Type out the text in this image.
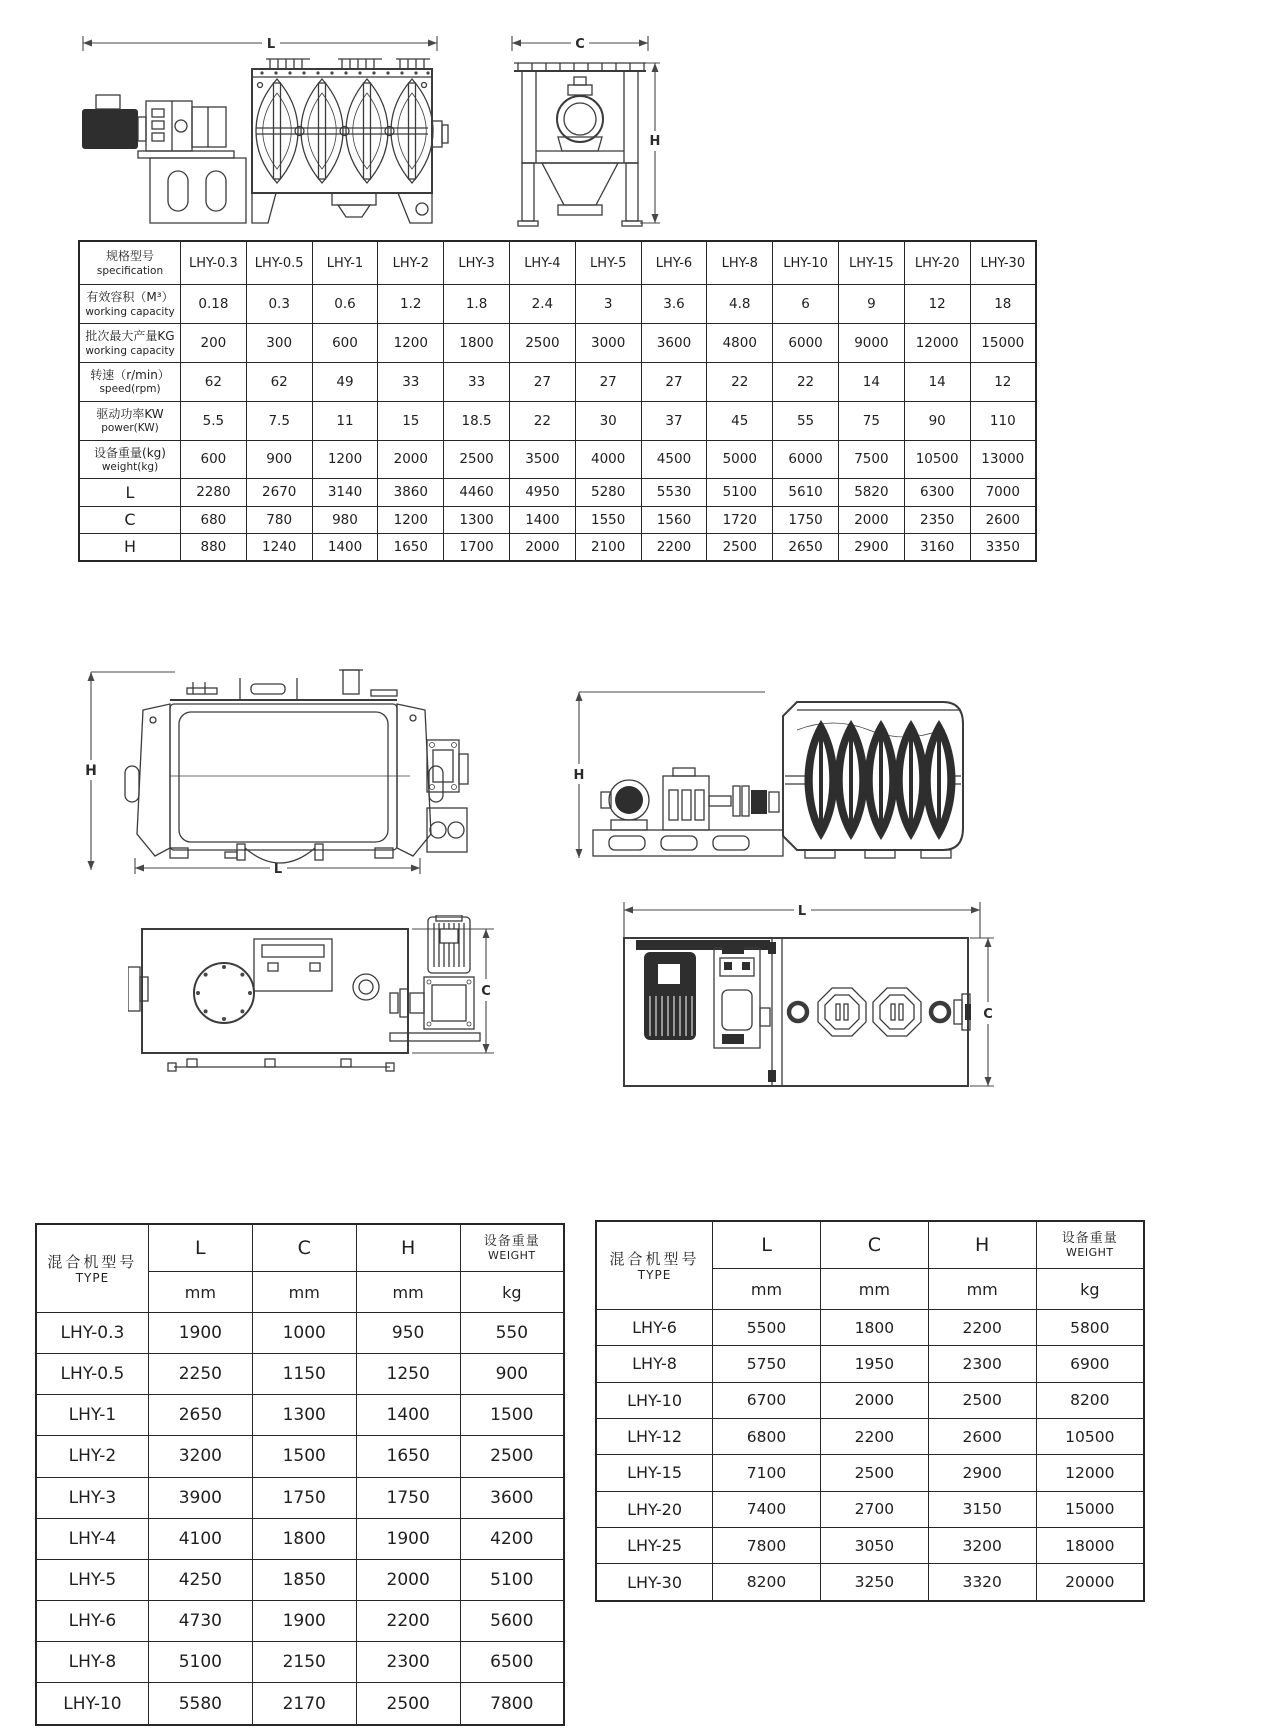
L	C
H
规格型号
specification	LHY-0.3	LHY-0.5	LHY-1	LHY-2	LHY-3	LHY-4	LHY-5	LHY-6	LHY-8	LHY-10	LHY-15	LHY-20	LHY-30

有效容积（M³）
working capacity	0.18	0.3	0.6	1.2	1.8	2.4	3	3.6	4.8	6	9	12	18

批次最大产量KG
working capacity	200	300	600	1200	1800	2500	3000	3600	4800	6000	9000	12000	15000

转速（r/min）
speed(rpm)	62	62	49	33	33	27	27	27	22	22	14	14	12

驱动功率KW
power(KW)	5.5	7.5	11	15	18.5	22	30	37	45	55	75	90	110

设备重量(kg)
weight(kg)	600	900	1200	2000	2500	3500	4000	4500	5000	6000	7500	10500	13000

L	2280	2670	3140	3860	4460	4950	5280	5530	5100	5610	5820	6300	7000

C	680	780	980	1200	1300	1400	1550	1560	1720	1750	2000	2350	2600

H	880	1240	1400	1650	1700	2000	2100	2200	2500	2650	2900	3160	3350
H
L
H
C
L
C
混合机型号
TYPE
	L	C	H	设备重量
WEIGHT

	mm	mm	mm	kg
LHY-0.3	1900	1000	950	550
LHY-0.5	2250	1150	1250	900
LHY-1	2650	1300	1400	1500
LHY-2	3200	1500	1650	2500
LHY-3	3900	1750	1750	3600
LHY-4	4100	1800	1900	4200
LHY-5	4250	1850	2000	5100
LHY-6	4730	1900	2200	5600
LHY-8	5100	2150	2300	6500
LHY-10	5580	2170	2500	7800
混合机型号
TYPE
	L	C	H	设备重量
WEIGHT

	mm	mm	mm	kg
LHY-6	5500	1800	2200	5800
LHY-8	5750	1950	2300	6900
LHY-10	6700	2000	2500	8200
LHY-12	6800	2200	2600	10500
LHY-15	7100	2500	2900	12000
LHY-20	7400	2700	3150	15000
LHY-25	7800	3050	3200	18000
LHY-30	8200	3250	3320	20000
